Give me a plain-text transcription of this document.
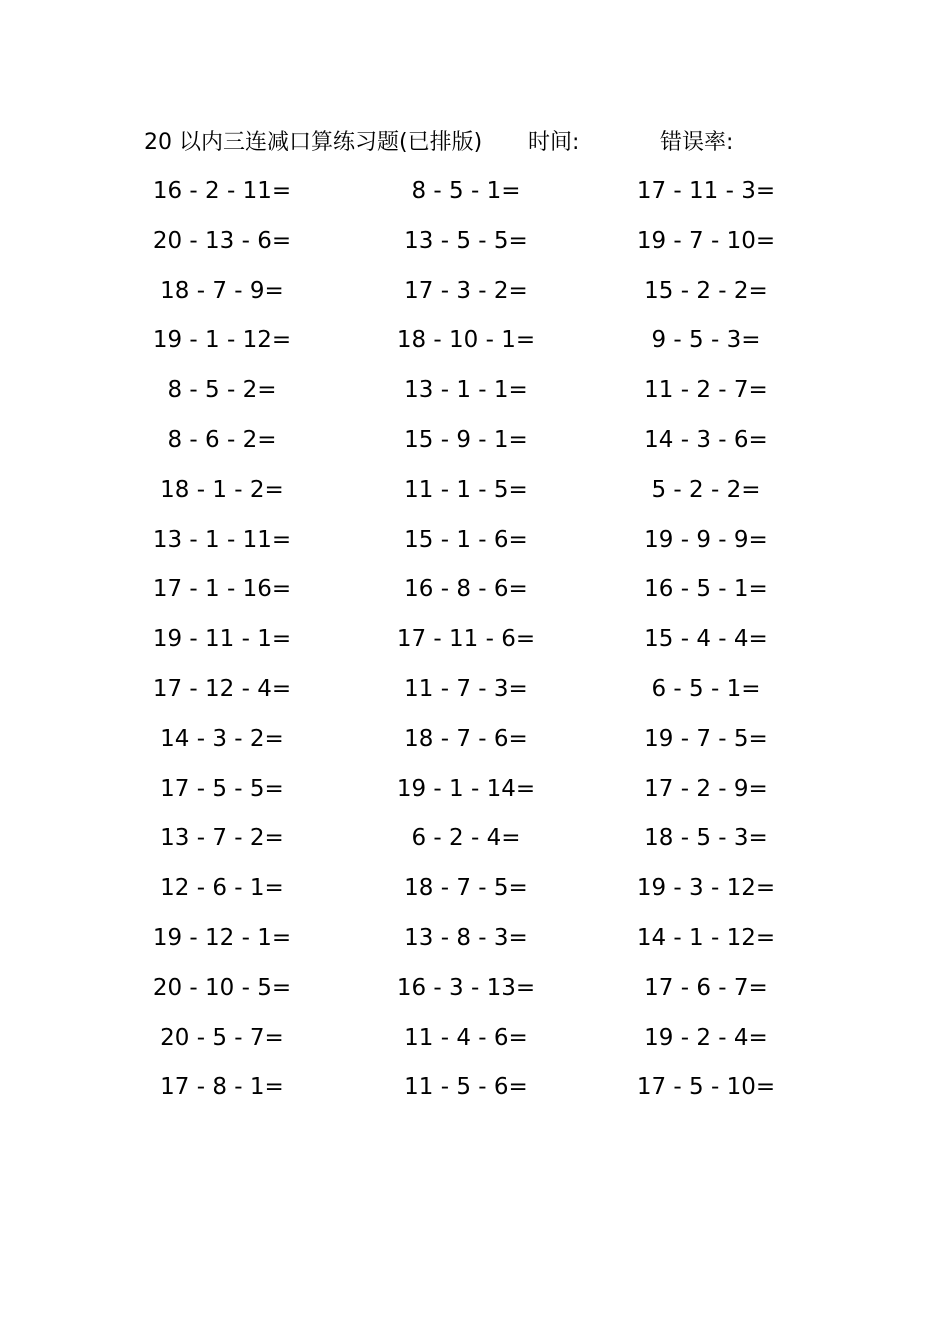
20 以内三连减口算练习题(已排版) 时间:	错误率:
16 - 2 - 11=	8 - 5 - 1=	17 - 11 - 3=
20 - 13 - 6=	13 - 5 - 5=	19 - 7 - 10=
18 - 7 - 9=	17 - 3 - 2=	15 - 2 - 2=
19 - 1 - 12=	18 - 10 - 1=	9 - 5 - 3=
8 - 5 - 2=	13 - 1 - 1=	11 - 2 - 7=
8 - 6 - 2=	15 - 9 - 1=	14 - 3 - 6=
18 - 1 - 2=	11 - 1 - 5=	5 - 2 - 2=
13 - 1 - 11=	15 - 1 - 6=	19 - 9 - 9=
17 - 1 - 16=	16 - 8 - 6=	16 - 5 - 1=
19 - 11 - 1=	17 - 11 - 6=	15 - 4 - 4=
17 - 12 - 4=	11 - 7 - 3=	6 - 5 - 1=
14 - 3 - 2=	18 - 7 - 6=	19 - 7 - 5=
17 - 5 - 5=	19 - 1 - 14=	17 - 2 - 9=
13 - 7 - 2=	6 - 2 - 4=	18 - 5 - 3=
12 - 6 - 1=	18 - 7 - 5=	19 - 3 - 12=
19 - 12 - 1=	13 - 8 - 3=	14 - 1 - 12=
20 - 10 - 5=	16 - 3 - 13=	17 - 6 - 7=
20 - 5 - 7=	11 - 4 - 6=	19 - 2 - 4=
17 - 8 - 1=	11 - 5 - 6=	17 - 5 - 10=
